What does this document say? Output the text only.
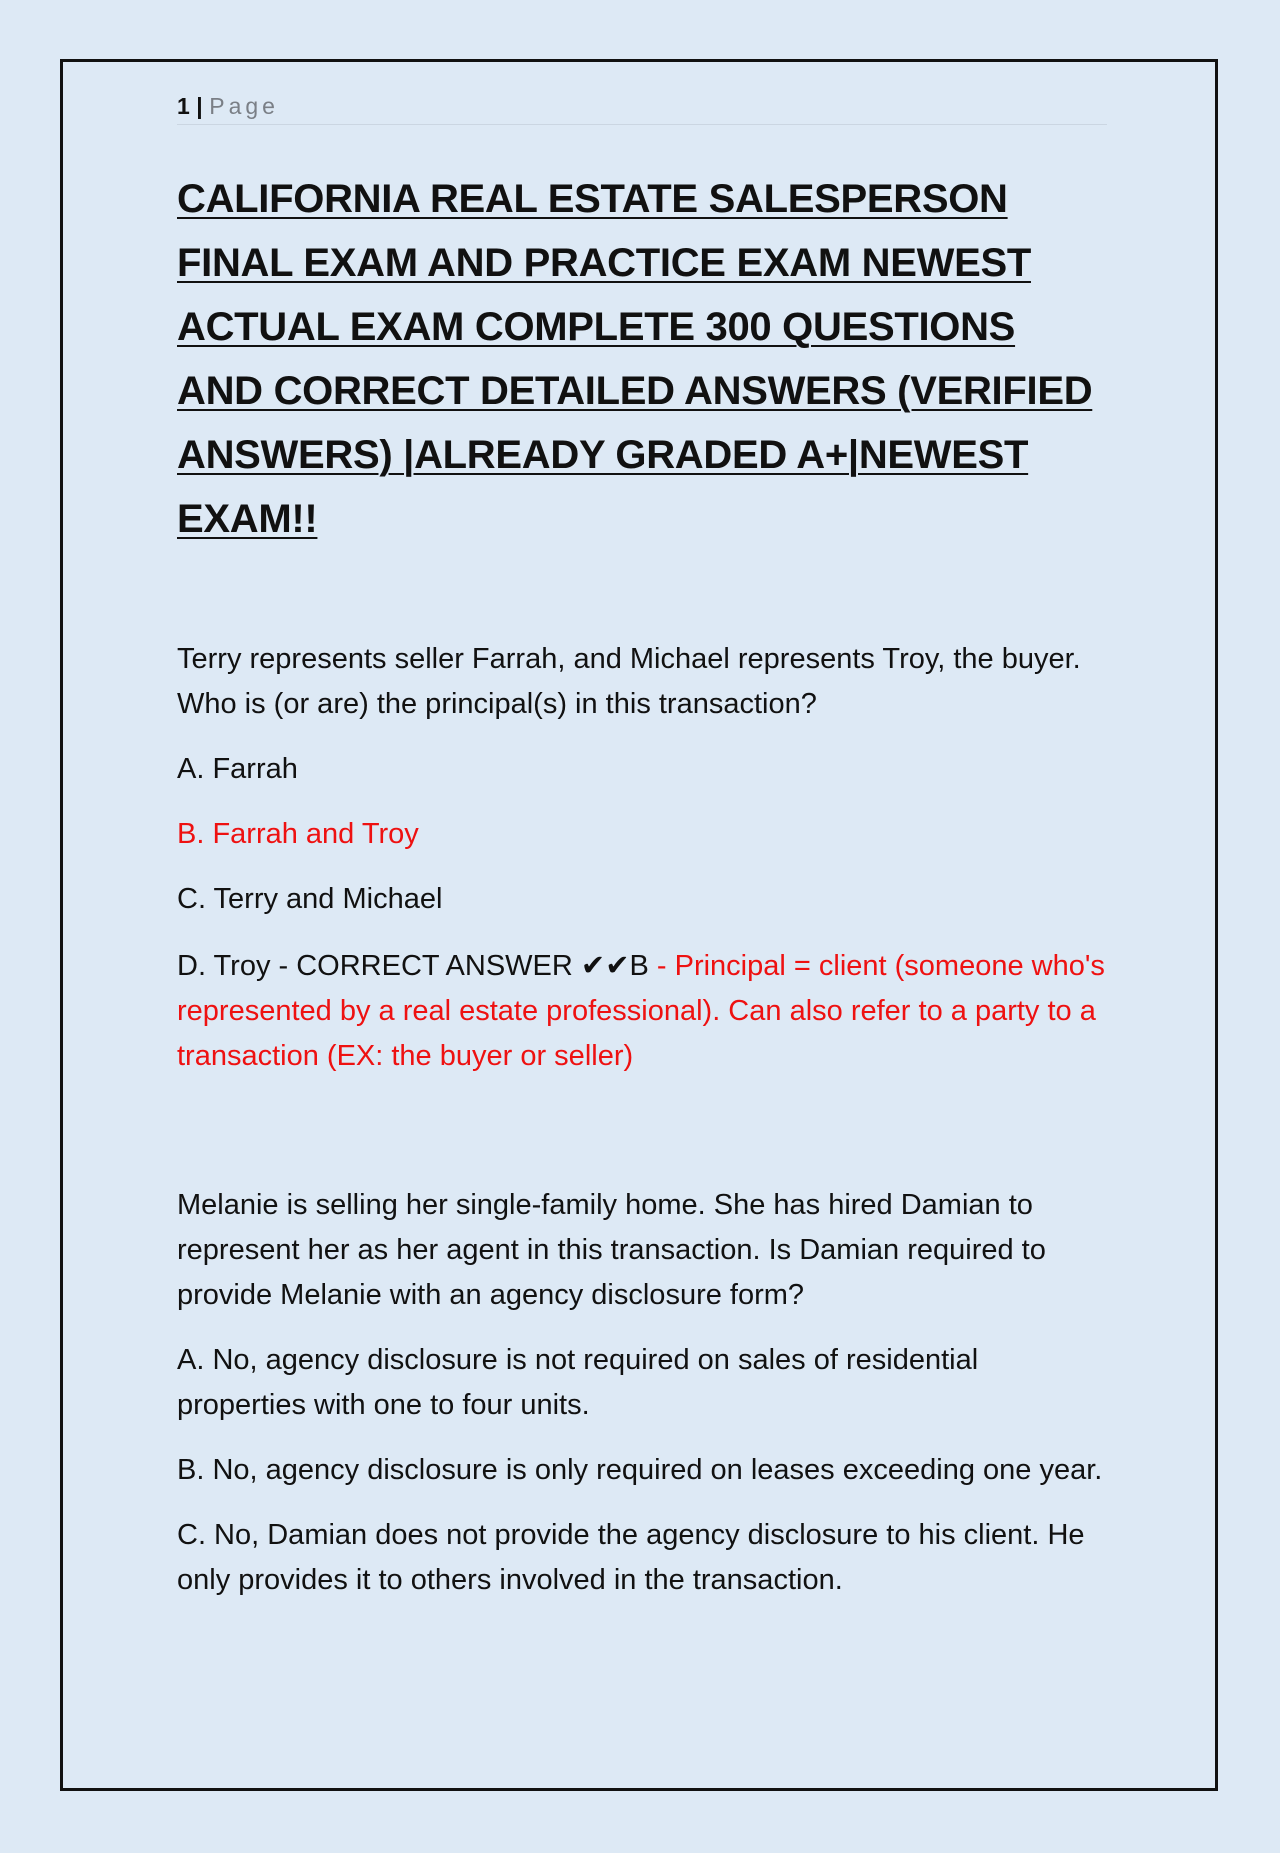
1 | Page
CALIFORNIA REAL ESTATE SALESPERSON FINAL EXAM AND PRACTICE EXAM NEWEST ACTUAL EXAM COMPLETE 300 QUESTIONS AND CORRECT DETAILED ANSWERS (VERIFIED ANSWERS) |ALREADY GRADED A+|NEWEST EXAM!!

Terry represents seller Farrah, and Michael represents Troy, the buyer. Who is (or are) the principal(s) in this transaction?

A. Farrah

B. Farrah and Troy

C. Terry and Michael

D. Troy - CORRECT ANSWER ✔✔B - Principal = client (someone who's represented by a real estate professional). Can also refer to a party to a transaction (EX: the buyer or seller)

Melanie is selling her single-family home. She has hired Damian to represent her as her agent in this transaction. Is Damian required to provide Melanie with an agency disclosure form?

A. No, agency disclosure is not required on sales of residential properties with one to four units.

B. No, agency disclosure is only required on leases exceeding one year.

C. No, Damian does not provide the agency disclosure to his client. He only provides it to others involved in the transaction.
